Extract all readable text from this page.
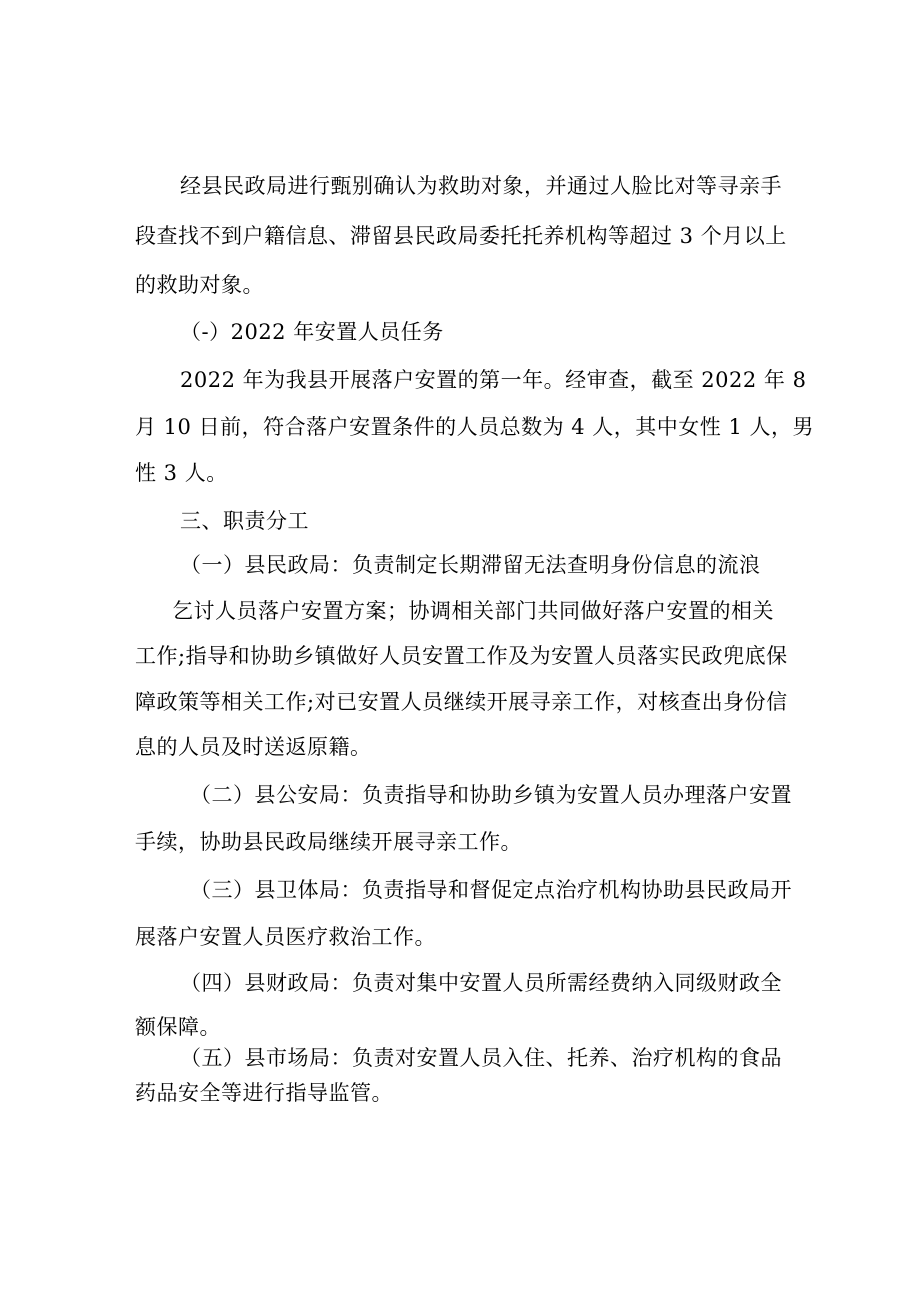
经县民政局进行甄别确认为救助对象，并通过人脸比对等寻亲手
段查找不到户籍信息、滞留县民政局委托托养机构等超过 3 个月以上
的救助对象。
（-）2022 年安置人员任务
2022 年为我县开展落户安置的第一年。经审查，截至 2022 年 8
月 10 日前，符合落户安置条件的人员总数为 4 人，其中女性 1 人，男
性 3 人。
三、职责分工
（一）县民政局：负责制定长期滞留无法查明身份信息的流浪
乞讨人员落户安置方案；协调相关部门共同做好落户安置的相关
工作;指导和协助乡镇做好人员安置工作及为安置人员落实民政兜底保
障政策等相关工作;对已安置人员继续开展寻亲工作，对核查出身份信
息的人员及时送返原籍。
（二）县公安局：负责指导和协助乡镇为安置人员办理落户安置
手续，协助县民政局继续开展寻亲工作。
（三）县卫体局：负责指导和督促定点治疗机构协助县民政局开
展落户安置人员医疗救治工作。
（四）县财政局：负责对集中安置人员所需经费纳入同级财政全
额保障。
（五）县市场局：负责对安置人员入住、托养、治疗机构的食品
药品安全等进行指导监管。
